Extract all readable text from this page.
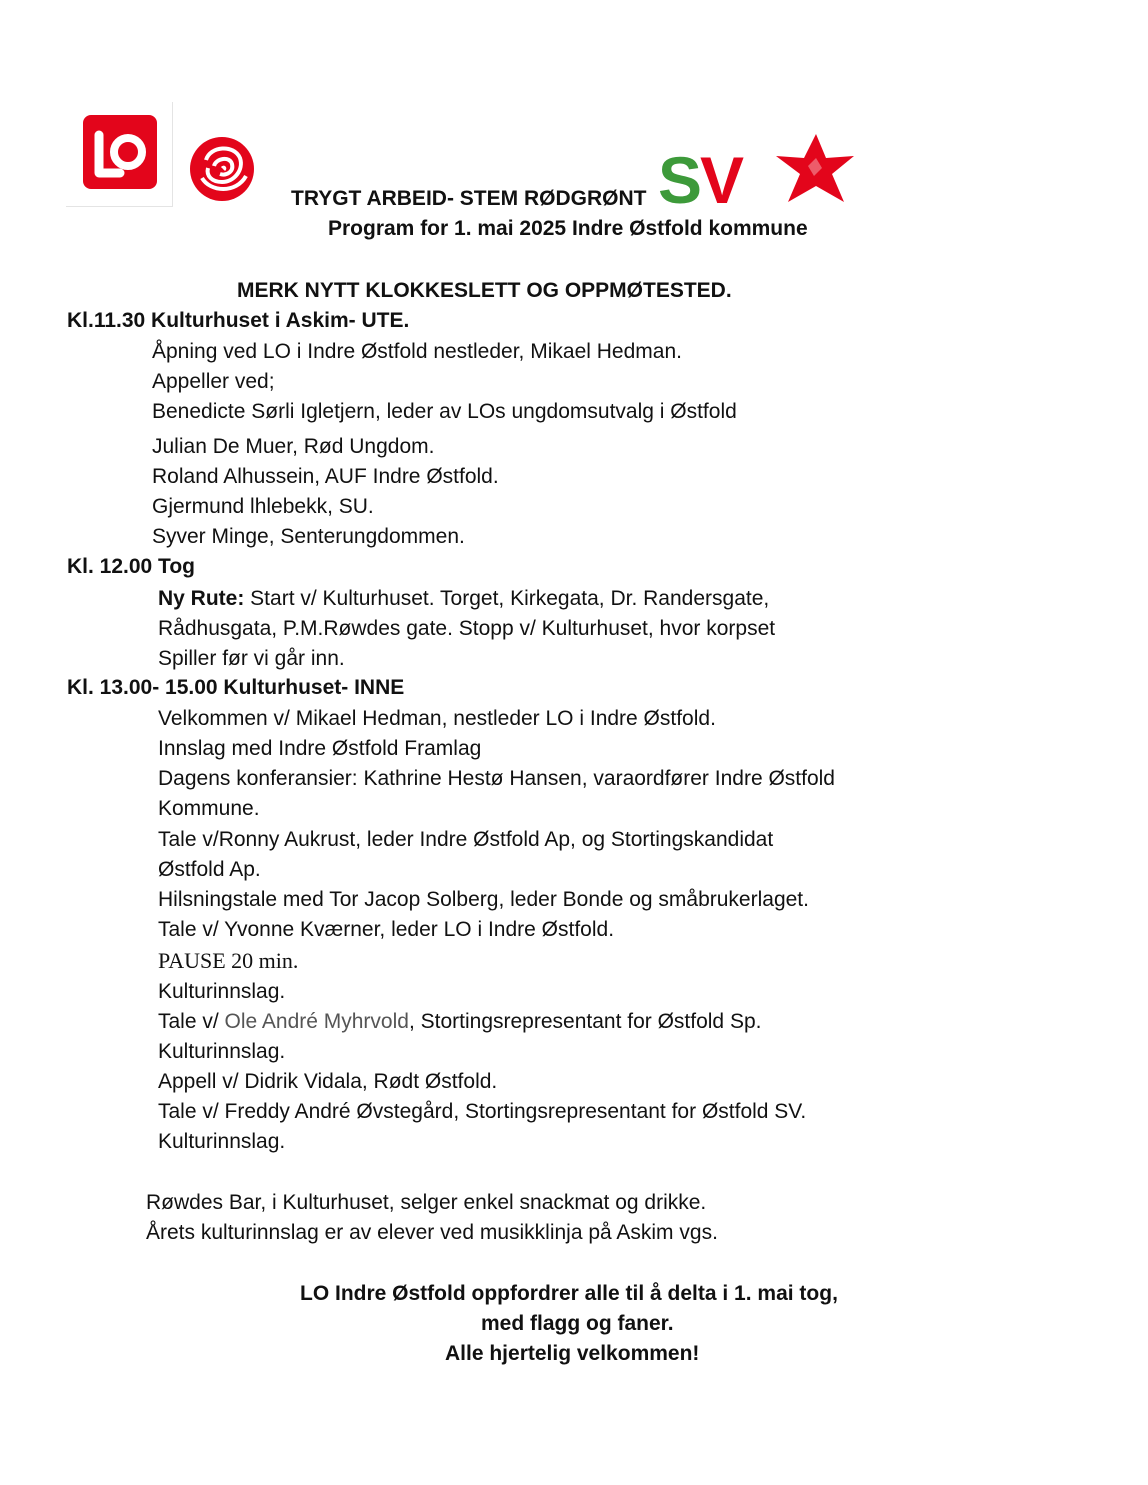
S V
TRYGT ARBEID- STEM RØDGRØNT
Program for 1. mai 2025 Indre Østfold kommune
MERK NYTT KLOKKESLETT OG OPPMØTESTED.
Kl.11.30 Kulturhuset i Askim- UTE.
Åpning ved LO i Indre Østfold nestleder, Mikael Hedman.
Appeller ved;
Benedicte Sørli Igletjern, leder av LOs ungdomsutvalg i Østfold
Julian De Muer, Rød Ungdom.
Roland Alhussein, AUF Indre Østfold.
Gjermund lhlebekk, SU.
Syver Minge, Senterungdommen.
Kl. 12.00 Tog
Ny Rute: Start v/ Kulturhuset. Torget, Kirkegata, Dr. Randersgate,
Rådhusgata, P.M.Røwdes gate. Stopp v/ Kulturhuset, hvor korpset
Spiller før vi går inn.
Kl. 13.00- 15.00 Kulturhuset- INNE
Velkommen v/ Mikael Hedman, nestleder LO i Indre Østfold.
Innslag med Indre Østfold Framlag
Dagens konferansier: Kathrine Hestø Hansen, varaordfører Indre Østfold
Kommune.
Tale v/Ronny Aukrust, leder Indre Østfold Ap, og Stortingskandidat
Østfold Ap.
Hilsningstale med Tor Jacop Solberg, leder Bonde og småbrukerlaget.
Tale v/ Yvonne Kværner, leder LO i Indre Østfold.
PAUSE 20 min.
Kulturinnslag.
Tale v/ Ole André Myhrvold, Stortingsrepresentant for Østfold Sp.
Kulturinnslag.
Appell v/ Didrik Vidala, Rødt Østfold.
Tale v/ Freddy André Øvstegård, Stortingsrepresentant for Østfold SV.
Kulturinnslag.
Røwdes Bar, i Kulturhuset, selger enkel snackmat og drikke.
Årets kulturinnslag er av elever ved musikklinja på Askim vgs.
LO Indre Østfold oppfordrer alle til å delta i 1. mai tog,
med flagg og faner.
Alle hjertelig velkommen!
